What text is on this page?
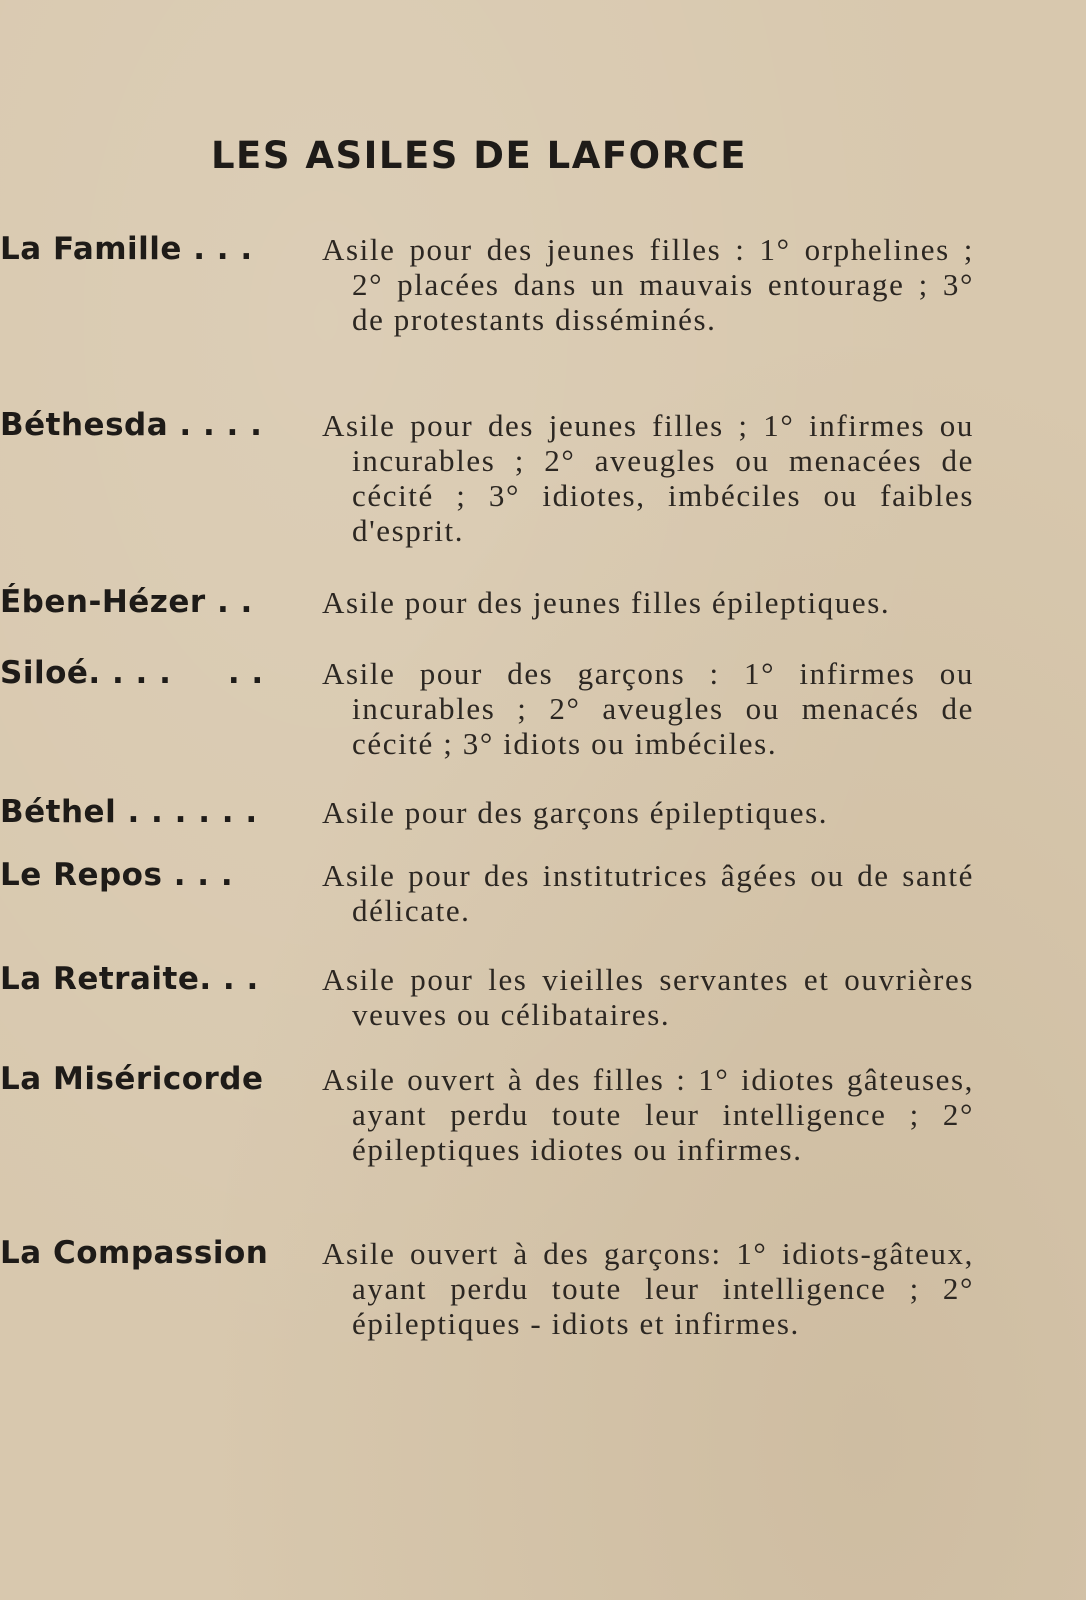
LES ASILES DE LAFORCE
La Famille . . .	Asile pour des jeunes filles : 1° orphelines ; 2° placées dans un mauvais entourage ; 3° de protestants disséminés.
Béthesda . . . .	Asile pour des jeunes filles ; 1° infirmes ou incurables ; 2° aveugles ou menacées de cécité ; 3° idiotes, imbéciles ou faibles d'esprit.
Ében-Hézer . .	Asile pour des jeunes filles épileptiques.
Siloé. . . .     . .	Asile pour des garçons : 1° infirmes ou incurables ; 2° aveugles ou menacés de cécité ; 3° idiots ou imbéciles.
Béthel . . . . . .	Asile pour des garçons épileptiques.
Le Repos . . .	Asile pour des institutrices âgées ou de santé délicate.
La Retraite. . .	Asile pour les vieilles servantes et ouvrières veuves ou célibataires.
La Miséricorde	Asile ouvert à des filles : 1° idiotes gâteuses, ayant perdu toute leur intelligence ; 2° épileptiques idiotes ou infirmes.
La Compassion	Asile ouvert à des garçons: 1° idiots-gâteux, ayant perdu toute leur intelligence ; 2° épileptiques - idiots et infirmes.
